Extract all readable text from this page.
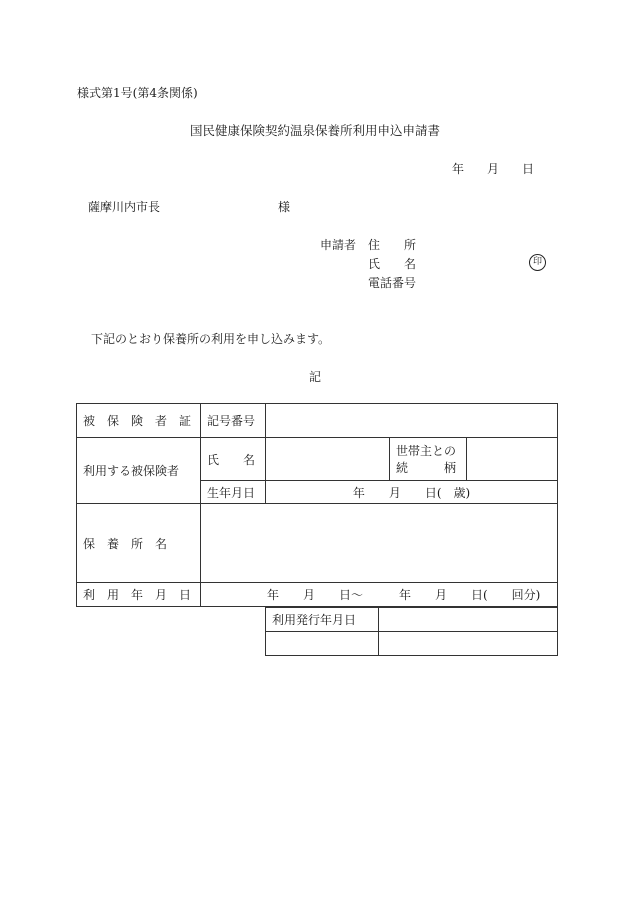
様式第1号(第4条関係)
国民健康保険契約温泉保養所利用申込申請書
年 月 日
薩摩川内市長	様
申請者 住　　所
氏　　名	印
電話番号
下記のとおり保養所の利用を申し込みます。
記
被　保　険　者　証	記号番号			
利用する被保険者	氏　　名		世帯主との
続　　　柄	

	生年月日	年　　月　　日(　歳)		
保　養　所　名				
利　用　年　月　日	年　　月　　日～　　　年　　月　　日(　　回分)			
利用発行年月日	
